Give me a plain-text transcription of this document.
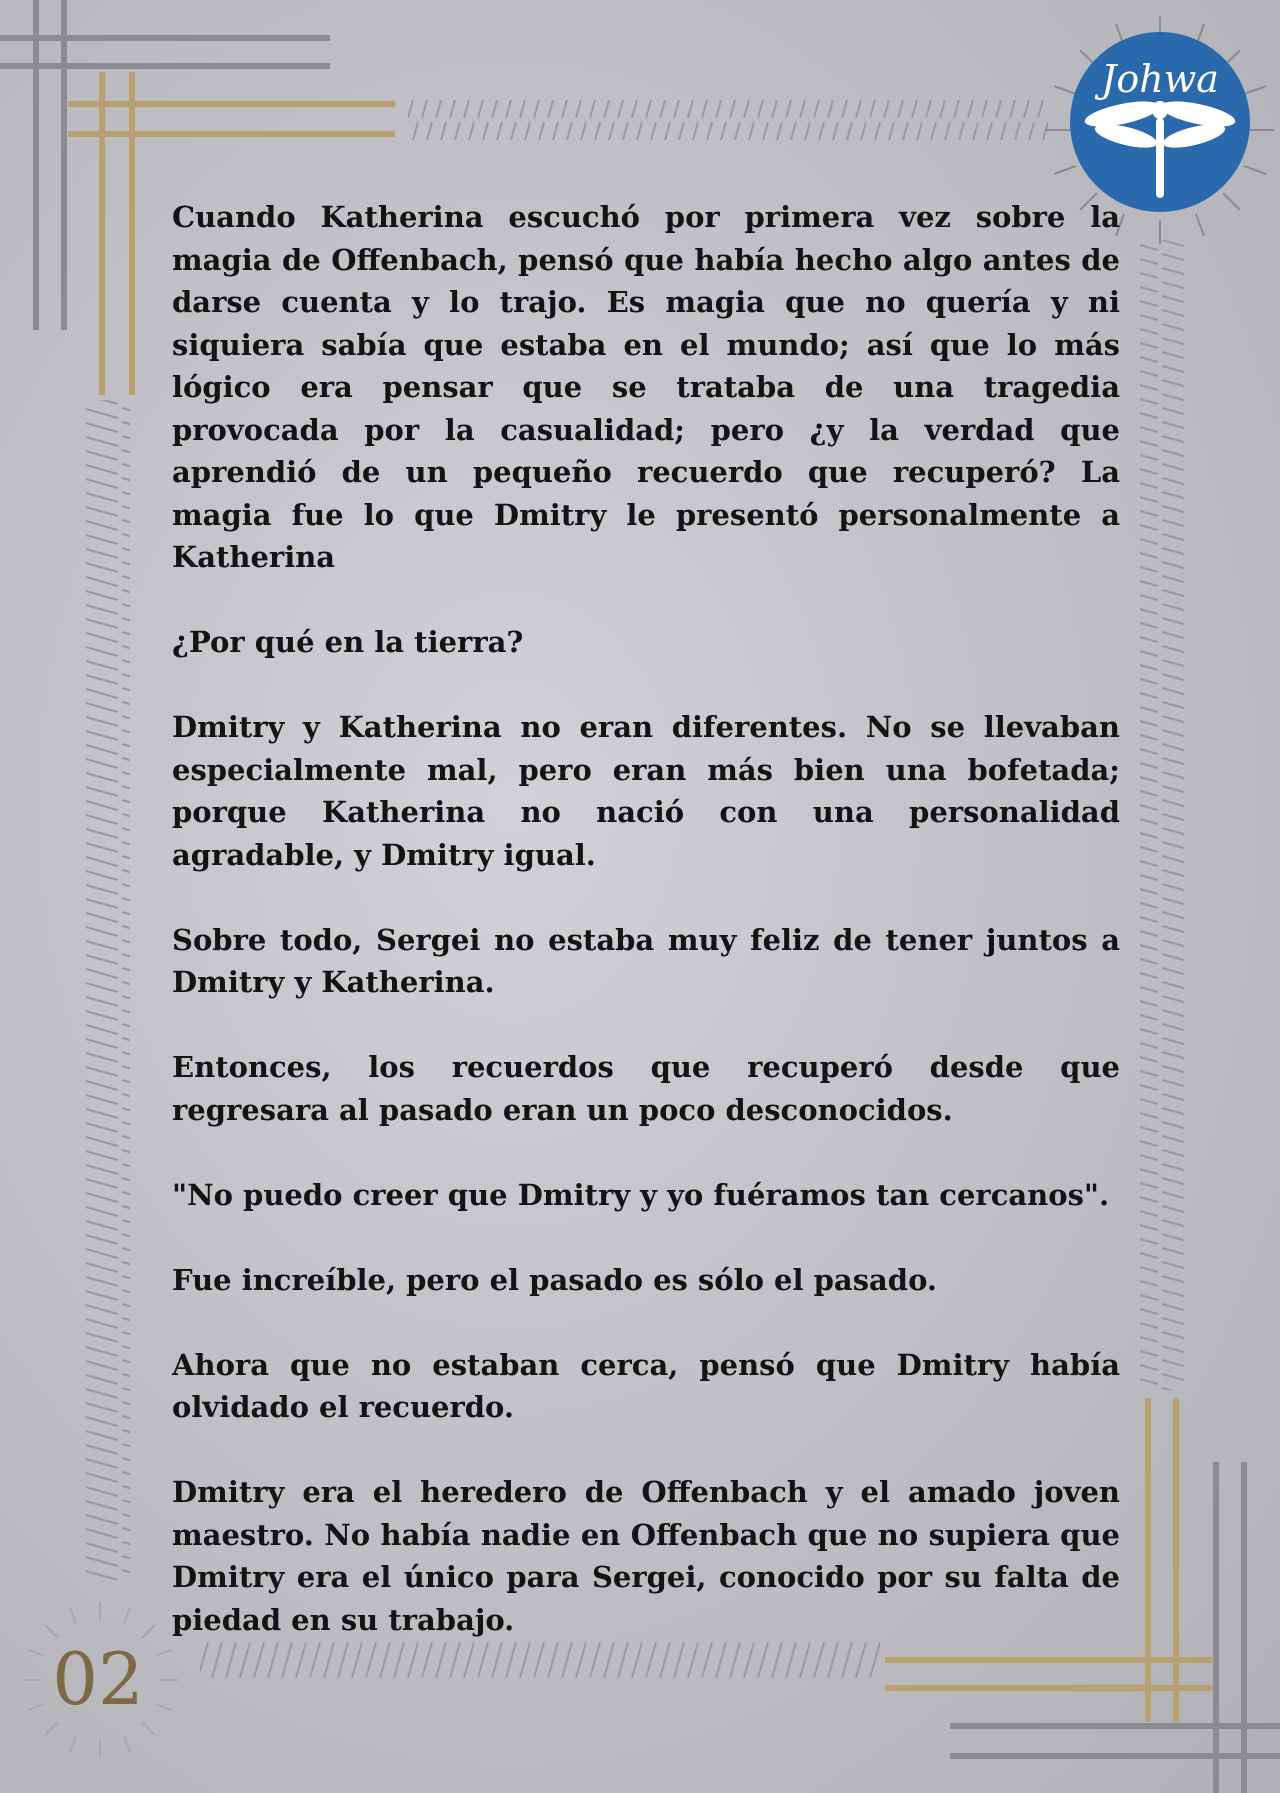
Johwa
02

Cuando Katherina escuchó por primera vez sobre la magia de Offenbach, pensó que había hecho algo antes de darse cuenta y lo trajo. Es magia que no quería y ni siquiera sabía que estaba en el mundo; así que lo más lógico era pensar que se trataba de una tragedia provocada por la casualidad; pero ¿y la verdad que aprendió de un pequeño recuerdo que recuperó? La magia fue lo que Dmitry le presentó personalmente a Katherina

¿Por qué en la tierra?

Dmitry y Katherina no eran diferentes. No se llevaban especialmente mal, pero eran más bien una bofetada; porque Katherina no nació con una personalidad agradable, y Dmitry igual.

Sobre todo, Sergei no estaba muy feliz de tener juntos a Dmitry y Katherina.

Entonces, los recuerdos que recuperó desde que regresara al pasado eran un poco desconocidos.

"No puedo creer que Dmitry y yo fuéramos tan cercanos".

Fue increíble, pero el pasado es sólo el pasado.

Ahora que no estaban cerca, pensó que Dmitry había olvidado el recuerdo.

Dmitry era el heredero de Offenbach y el amado joven maestro. No había nadie en Offenbach que no supiera que Dmitry era el único para Sergei, conocido por su falta de piedad en su trabajo.
